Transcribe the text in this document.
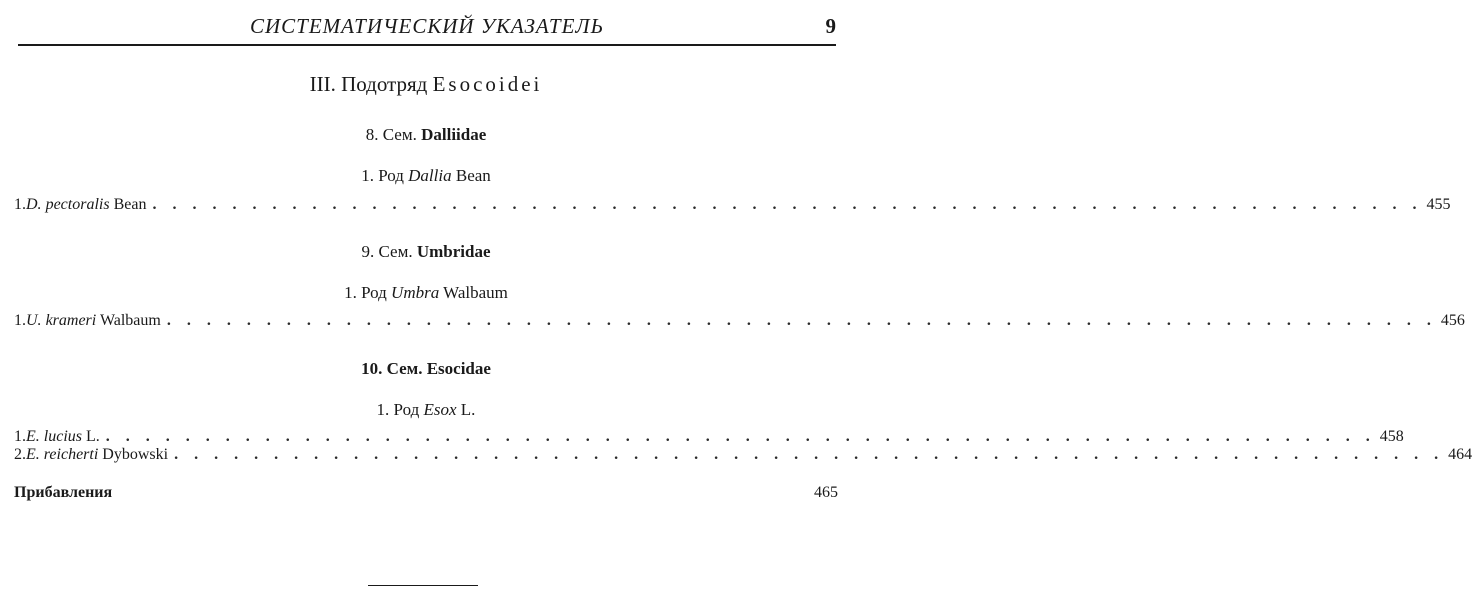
СИСТЕМАТИЧЕСКИЙ УКАЗАТЕЛЬ	9
III. Подотряд Esocoidei
8. Сем. Dalliidae
1. Род Dallia Bean
1. D. pectoralis Bean . . . . . . . . . . . . . . . . . . . . . . . . . . . . . . . . . . . . . . . . . . . . . . . . . . . . . . . . . . . . . . . . 455
9. Сем. Umbridae
1. Род Umbra Walbaum
1. U. krameri Walbaum . . . . . . . . . . . . . . . . . . . . . . . . . . . . . . . . . . . . . . . . . . . . . . . . . . . . . . . . . . . . . . . . 456
10. Сем. Esocidae
1. Род Esox L.
1. E. lucius L. . . . . . . . . . . . . . . . . . . . . . . . . . . . . . . . . . . . . . . . . . . . . . . . . . . . . . . . . . . . . . . . . 458
2. E. reicherti Dybowski . . . . . . . . . . . . . . . . . . . . . . . . . . . . . . . . . . . . . . . . . . . . . . . . . . . . . . . . . . . . . . . . 464
Прибавления	465
